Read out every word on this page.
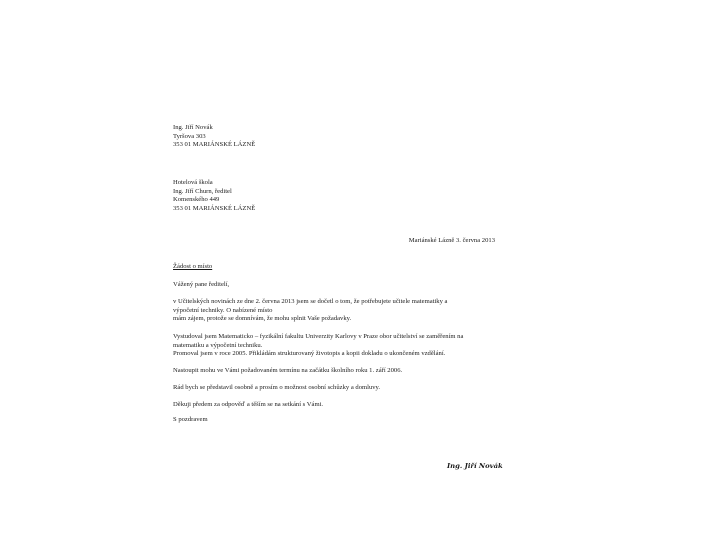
Ing. Jiří Novák
Tyršova 303
353 01 MARIÁNSKÉ LÁZNĚ
Hotelová škola
Ing. Jiří Churn, ředitel
Komenského 449
353 01 MARIÁNSKÉ LÁZNĚ
Mariánské Lázně 3. června 2013
Žádost o místo
Vážený pane ředitelí,
v Učitelských novinách ze dne 2. června 2013 jsem se dočetl o tom, že potřebujete učitele matematiky a
výpočetní techniky. O nabízené místo
mám zájem, protože se domnívám, že mohu splnit Vaše požadavky.
Vystudoval jsem Matematicko – fyzikální fakultu Univerzity Karlovy v Praze obor učitelství se zaměřením na
matematiku a výpočetní techniku.
Promoval jsem v roce 2005. Přikládám strukturovaný životopis a kopii dokladu o ukončeném vzdělání.
Nastoupit mohu ve Vámi požadovaném termínu na začátku školního roku 1. září 2006.
Rád bych se představil osobně a prosím o možnost osobní schůzky a domluvy.
Děkuji předem za odpověď a těším se na setkání s Vámi.
S pozdravem
Ing. Jiří Novák
